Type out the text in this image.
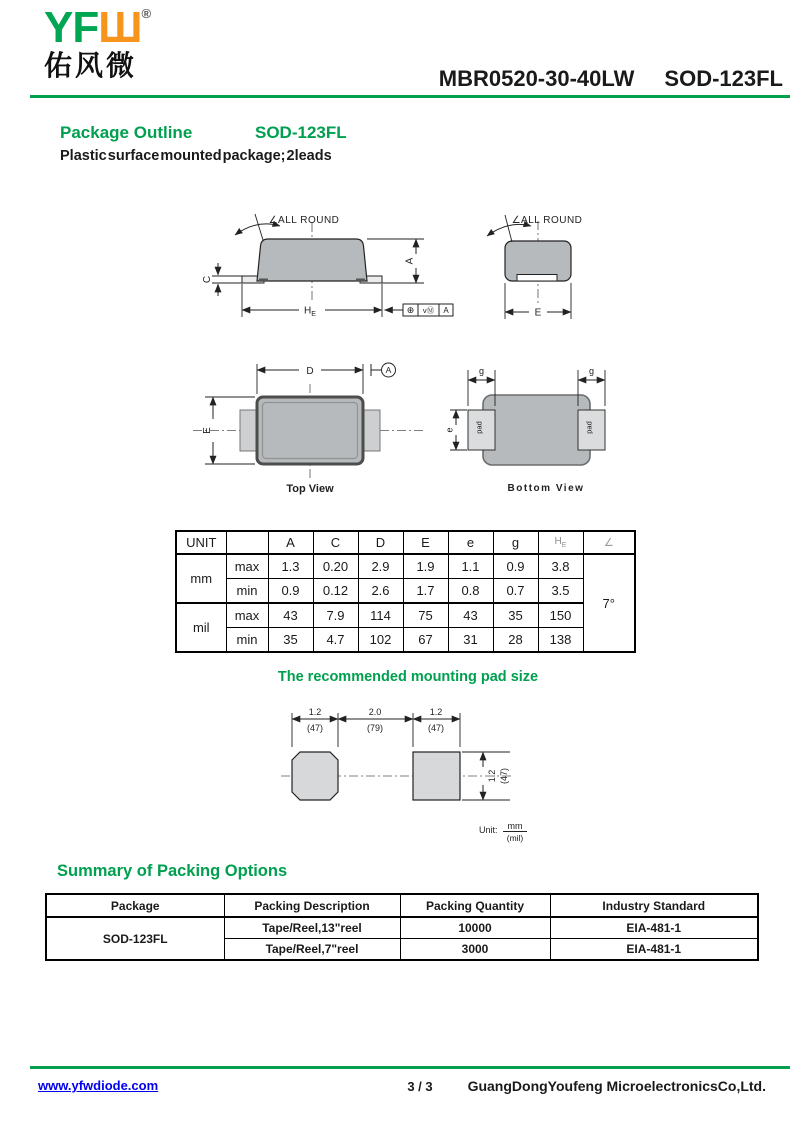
YFШ®
佑风微	MBR0520-30-40LW SOD-123FL
Package Outline	SOD-123FL
Plastic surface mounted package; 2leads
∠ALL ROUND
A
C
$H_E$	⊕ vⓂ A
∠ALL ROUND
E
D	A
E
Top View
pad	pad
g	g
e
Bottom View
UNIT		A	C	D	E	e	g	$H_E$	∠
mm	max	1.3	0.20	2.9	1.9	1.1	0.9	3.8	7°
	min	0.9	0.12	2.6	1.7	0.8	0.7	3.5	
mil	max	43	7.9	114	75	43	35	150	
	min	35	4.7	102	67	31	28	138	
The recommended mounting pad size
1.2	2.0	1.2
(47)	(79)	(47)
1.2 (47)
Unit: mm
(mil)
Summary of Packing Options
Package	Packing Description	Packing Quantity	Industry Standard
SOD-123FL	Tape/Reel,13"reel	10000	EIA-481-1
	Tape/Reel,7"reel	3000	EIA-481-1
www.yfwdiode.com	3 / 3	GuangDongYoufeng MicroelectronicsCo,Ltd.
